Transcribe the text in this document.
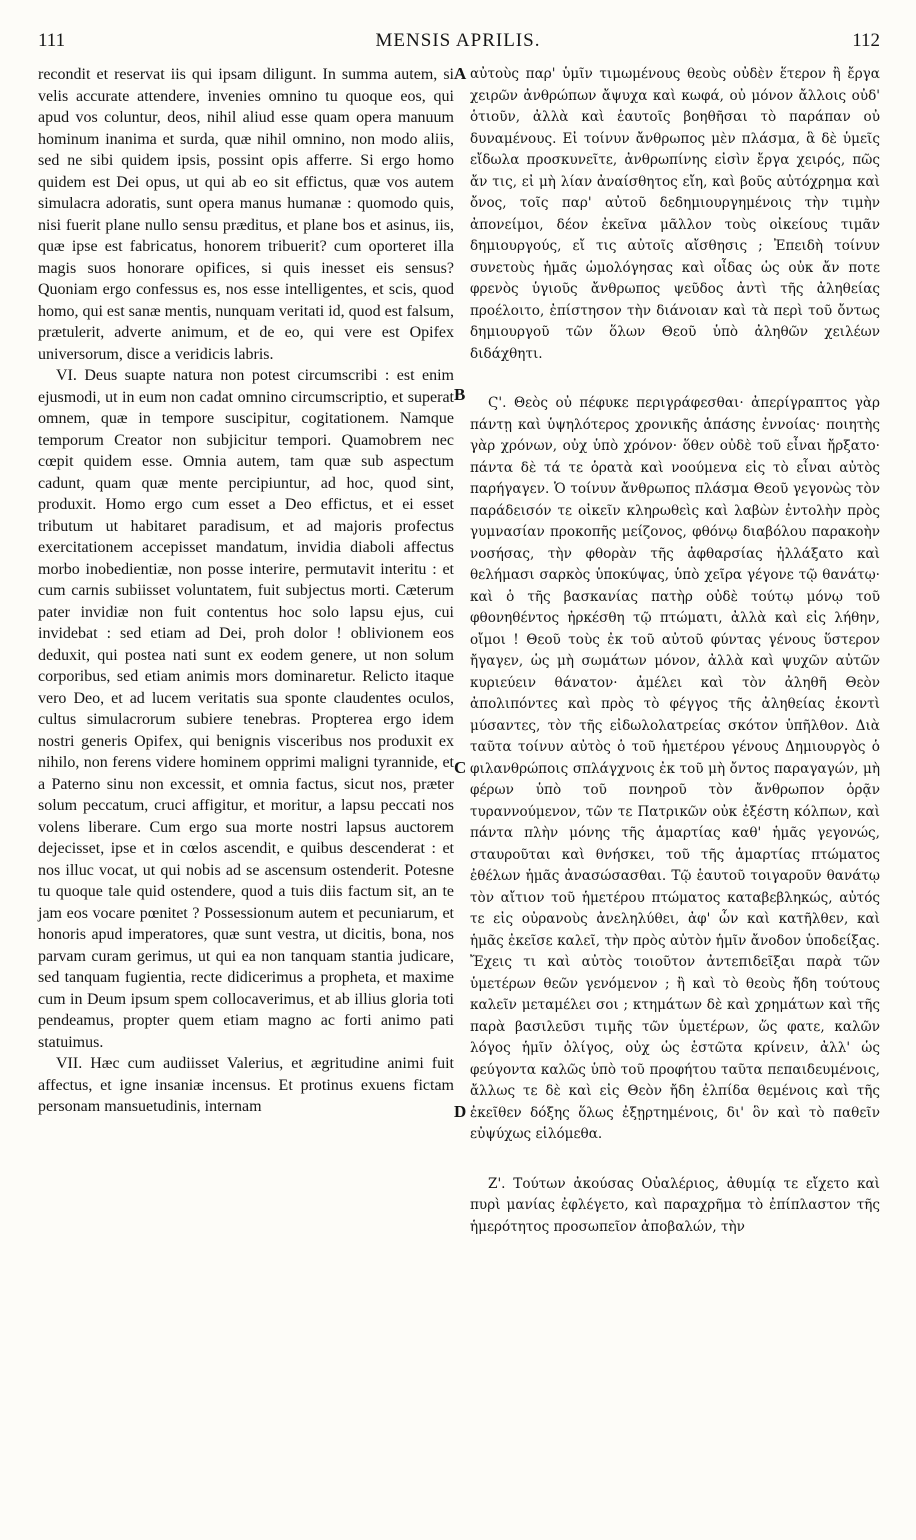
111	MENSIS APRILIS.	112
A
B
C
D

recondit et reservat iis qui ipsam diligunt. In summa autem, si velis accurate attendere, invenies omnino tu quoque eos, qui apud vos coluntur, deos, nihil aliud esse quam opera manuum hominum inanima et surda, quæ nihil omnino, non modo aliis, sed ne sibi quidem ipsis, possint opis afferre. Si ergo homo quidem est Dei opus, ut qui ab eo sit effictus, quæ vos autem simulacra adoratis, sunt opera manus humanæ : quomodo quis, nisi fuerit plane nullo sensu præditus, et plane bos et asinus, iis, quæ ipse est fabricatus, honorem tribuerit? cum oporteret illa magis suos honorare opifices, si quis inesset eis sensus? Quoniam ergo confessus es, nos esse intelligentes, et scis, quod homo, qui est sanæ mentis, nunquam veritati id, quod est falsum, prætulerit, adverte animum, et de eo, qui vere est Opifex universorum, disce a veridicis labris.

VI. Deus suapte natura non potest circumscribi : est enim ejusmodi, ut in eum non cadat omnino circumscriptio, et superat omnem, quæ in tempore suscipitur, cogitationem. Namque temporum Creator non subjicitur tempori. Quamobrem nec cœpit quidem esse. Omnia autem, tam quæ sub aspectum cadunt, quam quæ mente percipiuntur, ad hoc, quod sint, produxit. Homo ergo cum esset a Deo effictus, et ei esset tributum ut habitaret paradisum, et ad majoris profectus exercitationem accepisset mandatum, invidia diaboli affectus morbo inobedientiæ, non posse interire, permutavit interitu : et cum carnis subiisset voluntatem, fuit subjectus morti. Cæterum pater invidiæ non fuit contentus hoc solo lapsu ejus, cui invidebat : sed etiam ad Dei, proh dolor ! oblivionem eos deduxit, qui postea nati sunt ex eodem genere, ut non solum corporibus, sed etiam animis mors dominaretur. Relicto itaque vero Deo, et ad lucem veritatis sua sponte claudentes oculos, cultus simulacrorum subiere tenebras. Propterea ergo idem nostri generis Opifex, qui benignis visceribus nos produxit ex nihilo, non ferens videre hominem opprimi maligni tyrannide, et a Paterno sinu non excessit, et omnia factus, sicut nos, præter solum peccatum, cruci affigitur, et moritur, a lapsu peccati nos volens liberare. Cum ergo sua morte nostri lapsus auctorem dejecisset, ipse et in cœlos ascendit, e quibus descenderat : et nos illuc vocat, ut qui nobis ad se ascensum ostenderit. Potesne tu quoque tale quid ostendere, quod a tuis diis factum sit, an te jam eos vocare pœnitet ? Possessionum autem et pecuniarum, et honoris apud imperatores, quæ sunt vestra, ut dicitis, bona, nos parvam curam gerimus, ut qui ea non tanquam stantia judicare, sed tanquam fugientia, recte didicerimus a propheta, et maxime cum in Deum ipsum spem collocaverimus, et ab illius gloria toti pendeamus, propter quem etiam magno ac forti animo pati statuimus.

VII. Hæc cum audiisset Valerius, et ægritudine animi fuit affectus, et igne insaniæ incensus. Et protinus exuens fictam personam mansuetudinis, internam

αὐτοὺς παρ' ὑμῖν τιμωμένους θεοὺς οὐδὲν ἕτερον ἢ ἔργα χειρῶν ἀνθρώπων ἄψυχα καὶ κωφά, οὐ μόνον ἄλλοις οὐδ' ὁτιοῦν, ἀλλὰ καὶ ἑαυτοῖς βοηθῆσαι τὸ παράπαν οὐ δυναμένους. Εἰ τοίνυν ἄνθρωπος μὲν πλάσμα, ἃ δὲ ὑμεῖς εἴδωλα προσκυνεῖτε, ἀνθρωπίνης εἰσὶν ἔργα χειρός, πῶς ἄν τις, εἰ μὴ λίαν ἀναίσθητος εἴη, καὶ βοῦς αὐτόχρημα καὶ ὄνος, τοῖς παρ' αὐτοῦ δεδημιουργημένοις τὴν τιμὴν ἀπονείμοι, δέον ἐκεῖνα μᾶλλον τοὺς οἰκείους τιμᾶν δημιουργούς, εἴ τις αὐτοῖς αἴσθησις ; Ἐπειδὴ τοίνυν συνετοὺς ἡμᾶς ὡμολόγησας καὶ οἶδας ὡς οὐκ ἄν ποτε φρενὸς ὑγιοῦς ἄνθρωπος ψεῦδος ἀντὶ τῆς ἀληθείας προέλοιτο, ἐπίστησον τὴν διάνοιαν καὶ τὰ περὶ τοῦ ὄντως δημιουργοῦ τῶν ὅλων Θεοῦ ὑπὸ ἀληθῶν χειλέων διδάχθητι.

Ϛ'. Θεὸς οὐ πέφυκε περιγράφεσθαι· ἀπερίγραπτος γὰρ πάντῃ καὶ ὑψηλότερος χρονικῆς ἁπάσης ἐννοίας· ποιητὴς γὰρ χρόνων, οὐχ ὑπὸ χρόνον· ὅθεν οὐδὲ τοῦ εἶναι ἤρξατο· πάντα δὲ τά τε ὁρατὰ καὶ νοούμενα εἰς τὸ εἶναι αὐτὸς παρήγαγεν. Ὁ τοίνυν ἄνθρωπος πλάσμα Θεοῦ γεγονὼς τὸν παράδεισόν τε οἰκεῖν κληρωθεὶς καὶ λαβὼν ἐντολὴν πρὸς γυμνασίαν προκοπῆς μείζονος, φθόνῳ διαβόλου παρακοὴν νοσήσας, τὴν φθορὰν τῆς ἀφθαρσίας ἠλλάξατο καὶ θελήμασι σαρκὸς ὑποκύψας, ὑπὸ χεῖρα γέγονε τῷ θανάτῳ· καὶ ὁ τῆς βασκανίας πατὴρ οὐδὲ τούτῳ μόνῳ τοῦ φθονηθέντος ἠρκέσθη τῷ πτώματι, ἀλλὰ καὶ εἰς λήθην, οἴμοι ! Θεοῦ τοὺς ἐκ τοῦ αὐτοῦ φύντας γένους ὕστερον ἤγαγεν, ὡς μὴ σωμάτων μόνον, ἀλλὰ καὶ ψυχῶν αὐτῶν κυριεύειν θάνατον· ἀμέλει καὶ τὸν ἀληθῆ Θεὸν ἀπολιπόντες καὶ πρὸς τὸ φέγγος τῆς ἀληθείας ἑκοντὶ μύσαντες, τὸν τῆς εἰδωλολατρείας σκότον ὑπῆλθον. Διὰ ταῦτα τοίνυν αὐτὸς ὁ τοῦ ἡμετέρου γένους Δημιουργὸς ὁ φιλανθρώποις σπλάγχνοις ἐκ τοῦ μὴ ὄντος παραγαγών, μὴ φέρων ὑπὸ τοῦ πονηροῦ τὸν ἄνθρωπον ὁρᾷν τυραννούμενον, τῶν τε Πατρικῶν οὐκ ἐξέστη κόλπων, καὶ πάντα πλὴν μόνης τῆς ἁμαρτίας καθ' ἡμᾶς γεγονώς, σταυροῦται καὶ θνήσκει, τοῦ τῆς ἁμαρτίας πτώματος ἐθέλων ἡμᾶς ἀνασώσασθαι. Τῷ ἑαυτοῦ τοιγαροῦν θανάτῳ τὸν αἴτιον τοῦ ἡμετέρου πτώματος καταβεβληκώς, αὐτός τε εἰς οὐρανοὺς ἀνεληλύθει, ἀφ' ὧν καὶ κατῆλθεν, καὶ ἡμᾶς ἐκεῖσε καλεῖ, τὴν πρὸς αὐτὸν ἡμῖν ἄνοδον ὑποδείξας. Ἔχεις τι καὶ αὐτὸς τοιοῦτον ἀντεπιδεῖξαι παρὰ τῶν ὑμετέρων θεῶν γενόμενον ; ἢ καὶ τὸ θεοὺς ἤδη τούτους καλεῖν μεταμέλει σοι ; κτημάτων δὲ καὶ χρημάτων καὶ τῆς παρὰ βασιλεῦσι τιμῆς τῶν ὑμετέρων, ὥς φατε, καλῶν λόγος ἡμῖν ὀλίγος, οὐχ ὡς ἑστῶτα κρίνειν, ἀλλ' ὡς φεύγοντα καλῶς ὑπὸ τοῦ προφήτου ταῦτα πεπαιδευμένοις, ἄλλως τε δὲ καὶ εἰς Θεὸν ἤδη ἐλπίδα θεμένοις καὶ τῆς ἐκεῖθεν δόξης ὅλως ἐξῃρτημένοις, δι' ὃν καὶ τὸ παθεῖν εὐψύχως εἱλόμεθα.

Ζ'. Τούτων ἀκούσας Οὐαλέριος, ἀθυμίᾳ τε εἴχετο καὶ πυρὶ μανίας ἐφλέγετο, καὶ παραχρῆμα τὸ ἐπίπλαστον τῆς ἡμερότητος προσωπεῖον ἀποβαλών, τὴν
